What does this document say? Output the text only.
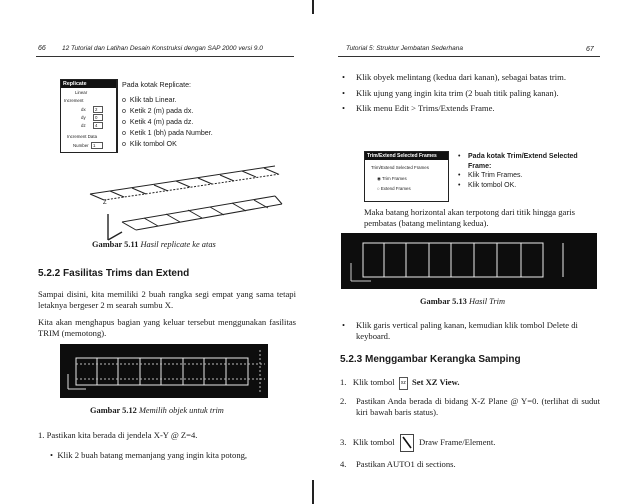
66 12 Tutorial dan Latihan Desain Konstruksi dengan SAP 2000 versi 9.0
Replicate
Linear
Increment
dx 2
dy 0
dz 4
Increment Data
Number 1
Pada kotak Replicate:
o  Klik tab Linear.
o  Ketik 2 (m) pada dx.
o  Ketik 4 (m) pada dz.
o  Ketik 1 (bh) pada Number.
o  Klik tombol OK
Z
Gambar 5.11 Hasil replicate ke atas
5.2.2 Fasilitas Trims dan Extend
Sampai disini, kita memiliki 2 buah rangka segi empat yang sama tetapi letaknya bergeser 2 m searah sumbu X.
Kita akan menghapus bagian yang keluar tersebut menggunakan fasilitas TRIM (memotong).
Gambar 5.12 Memilih objek untuk trim
1. Pastikan kita berada di jendela X-Y @ Z=4.
•  Klik 2 buah batang memanjang yang ingin kita potong,
Tutorial 5: Struktur Jembatan Sederhana	67
•	Klik obyek melintang (kedua dari kanan), sebagai batas trim.
•	Klik ujung yang ingin kita trim (2 buah titik paling kanan).
•	Klik menu Edit > Trims/Extends Frame.
Trim/Extend Selected Frames
Trim/Extend Selected Frames
◉ Trim Frames
○ Extend Frames
•	Pada kotak Trim/Extend Selected Frame:
•	Klik Trim Frames.
•	Klik tombol OK.
Maka batang horizontal akan terpotong dari titik hingga garis pembatas (batang melintang kedua).
Gambar 5.13 Hasil Trim
•	Klik garis vertical paling kanan, kemudian klik tombol Delete di keyboard.
5.2.3 Menggambar Kerangka Samping
1. Klik tombol xz Set XZ View.
2.	Pastikan Anda berada di bidang X-Z Plane @ Y=0. (terlihat di sudut kiri bawah baris status).
3. Klik tombol	Draw Frame/Element.
4.	Pastikan AUTO1 di sections.
